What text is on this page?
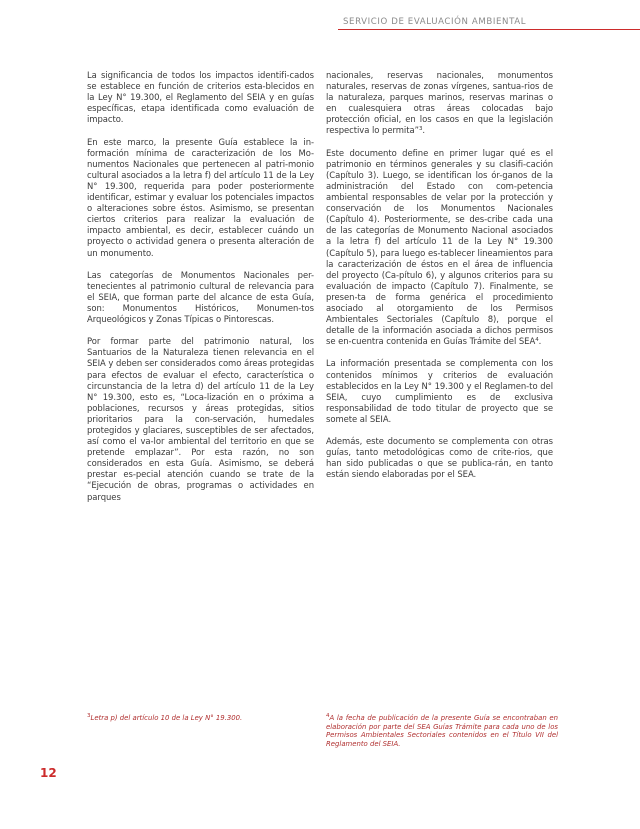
SERVICIO DE EVALUACIÓN AMBIENTAL

La significancia de todos los impactos identifi-cados se establece en función de criterios esta-blecidos en la Ley N° 19.300, el Reglamento del SEIA y en guías específicas, etapa identificada como evaluación de impacto.

En este marco, la presente Guía establece la in-formación mínima de caracterización de los Mo-numentos Nacionales que pertenecen al patri-monio cultural asociados a la letra f) del artículo 11 de la Ley N° 19.300, requerida para poder posteriormente identificar, estimar y evaluar los potenciales impactos o alteraciones sobre éstos. Asimismo, se presentan ciertos criterios para realizar la evaluación de impacto ambiental, es decir, establecer cuándo un proyecto o actividad genera o presenta alteración de un monumento.

Las categorías de Monumentos Nacionales per-tenecientes al patrimonio cultural de relevancia para el SEIA, que forman parte del alcance de esta Guía, son: Monumentos Históricos, Monumen-tos Arqueológicos y Zonas Típicas o Pintorescas.

Por formar parte del patrimonio natural, los Santuarios de la Naturaleza tienen relevancia en el SEIA y deben ser considerados como áreas protegidas para efectos de evaluar el efecto, característica o circunstancia de la letra d) del artículo 11 de la Ley N° 19.300, esto es, “Loca-lización en o próxima a poblaciones, recursos y áreas protegidas, sitios prioritarios para la con-servación, humedales protegidos y glaciares, susceptibles de ser afectados, así como el va-lor ambiental del territorio en que se pretende emplazar”. Por esta razón, no son considerados en esta Guía. Asimismo, se deberá prestar es-pecial atención cuando se trate de la “Ejecución de obras, programas o actividades en parques

nacionales, reservas nacionales, monumentos naturales, reservas de zonas vírgenes, santua-rios de la naturaleza, parques marinos, reservas marinas o en cualesquiera otras áreas colocadas bajo protección oficial, en los casos en que la legislación respectiva lo permita”$^3$.

Este documento define en primer lugar qué es el patrimonio en términos generales y su clasifi-cación (Capítulo 3). Luego, se identifican los ór-ganos de la administración del Estado con com-petencia ambiental responsables de velar por la protección y conservación de los Monumentos Nacionales (Capítulo 4). Posteriormente, se des-cribe cada una de las categorías de Monumento Nacional asociados a la letra f) del artículo 11 de la Ley N° 19.300 (Capítulo 5), para luego es-tablecer lineamientos para la caracterización de éstos en el área de influencia del proyecto (Ca-pítulo 6), y algunos criterios para su evaluación de impacto (Capítulo 7). Finalmente, se presen-ta de forma genérica el procedimiento asociado al otorgamiento de los Permisos Ambientales Sectoriales (Capítulo 8), porque el detalle de la información asociada a dichos permisos se en-cuentra contenida en Guías Trámite del SEA$^4$.

La información presentada se complementa con los contenidos mínimos y criterios de evaluación establecidos en la Ley N° 19.300 y el Reglamen-to del SEIA, cuyo cumplimiento es de exclusiva responsabilidad de todo titular de proyecto que se somete al SEIA.

Además, este documento se complementa con otras guías, tanto metodológicas como de crite-rios, que han sido publicadas o que se publica-rán, en tanto están siendo elaboradas por el SEA.

$^3$Letra p) del artículo 10 de la Ley N° 19.300.	$^4$A la fecha de publicación de la presente Guía se encontraban en elaboración por parte del SEA Guías Trámite para cada uno de los Permisos Ambientales Sectoriales contenidos en el Título VII del Reglamento del SEIA.
12
